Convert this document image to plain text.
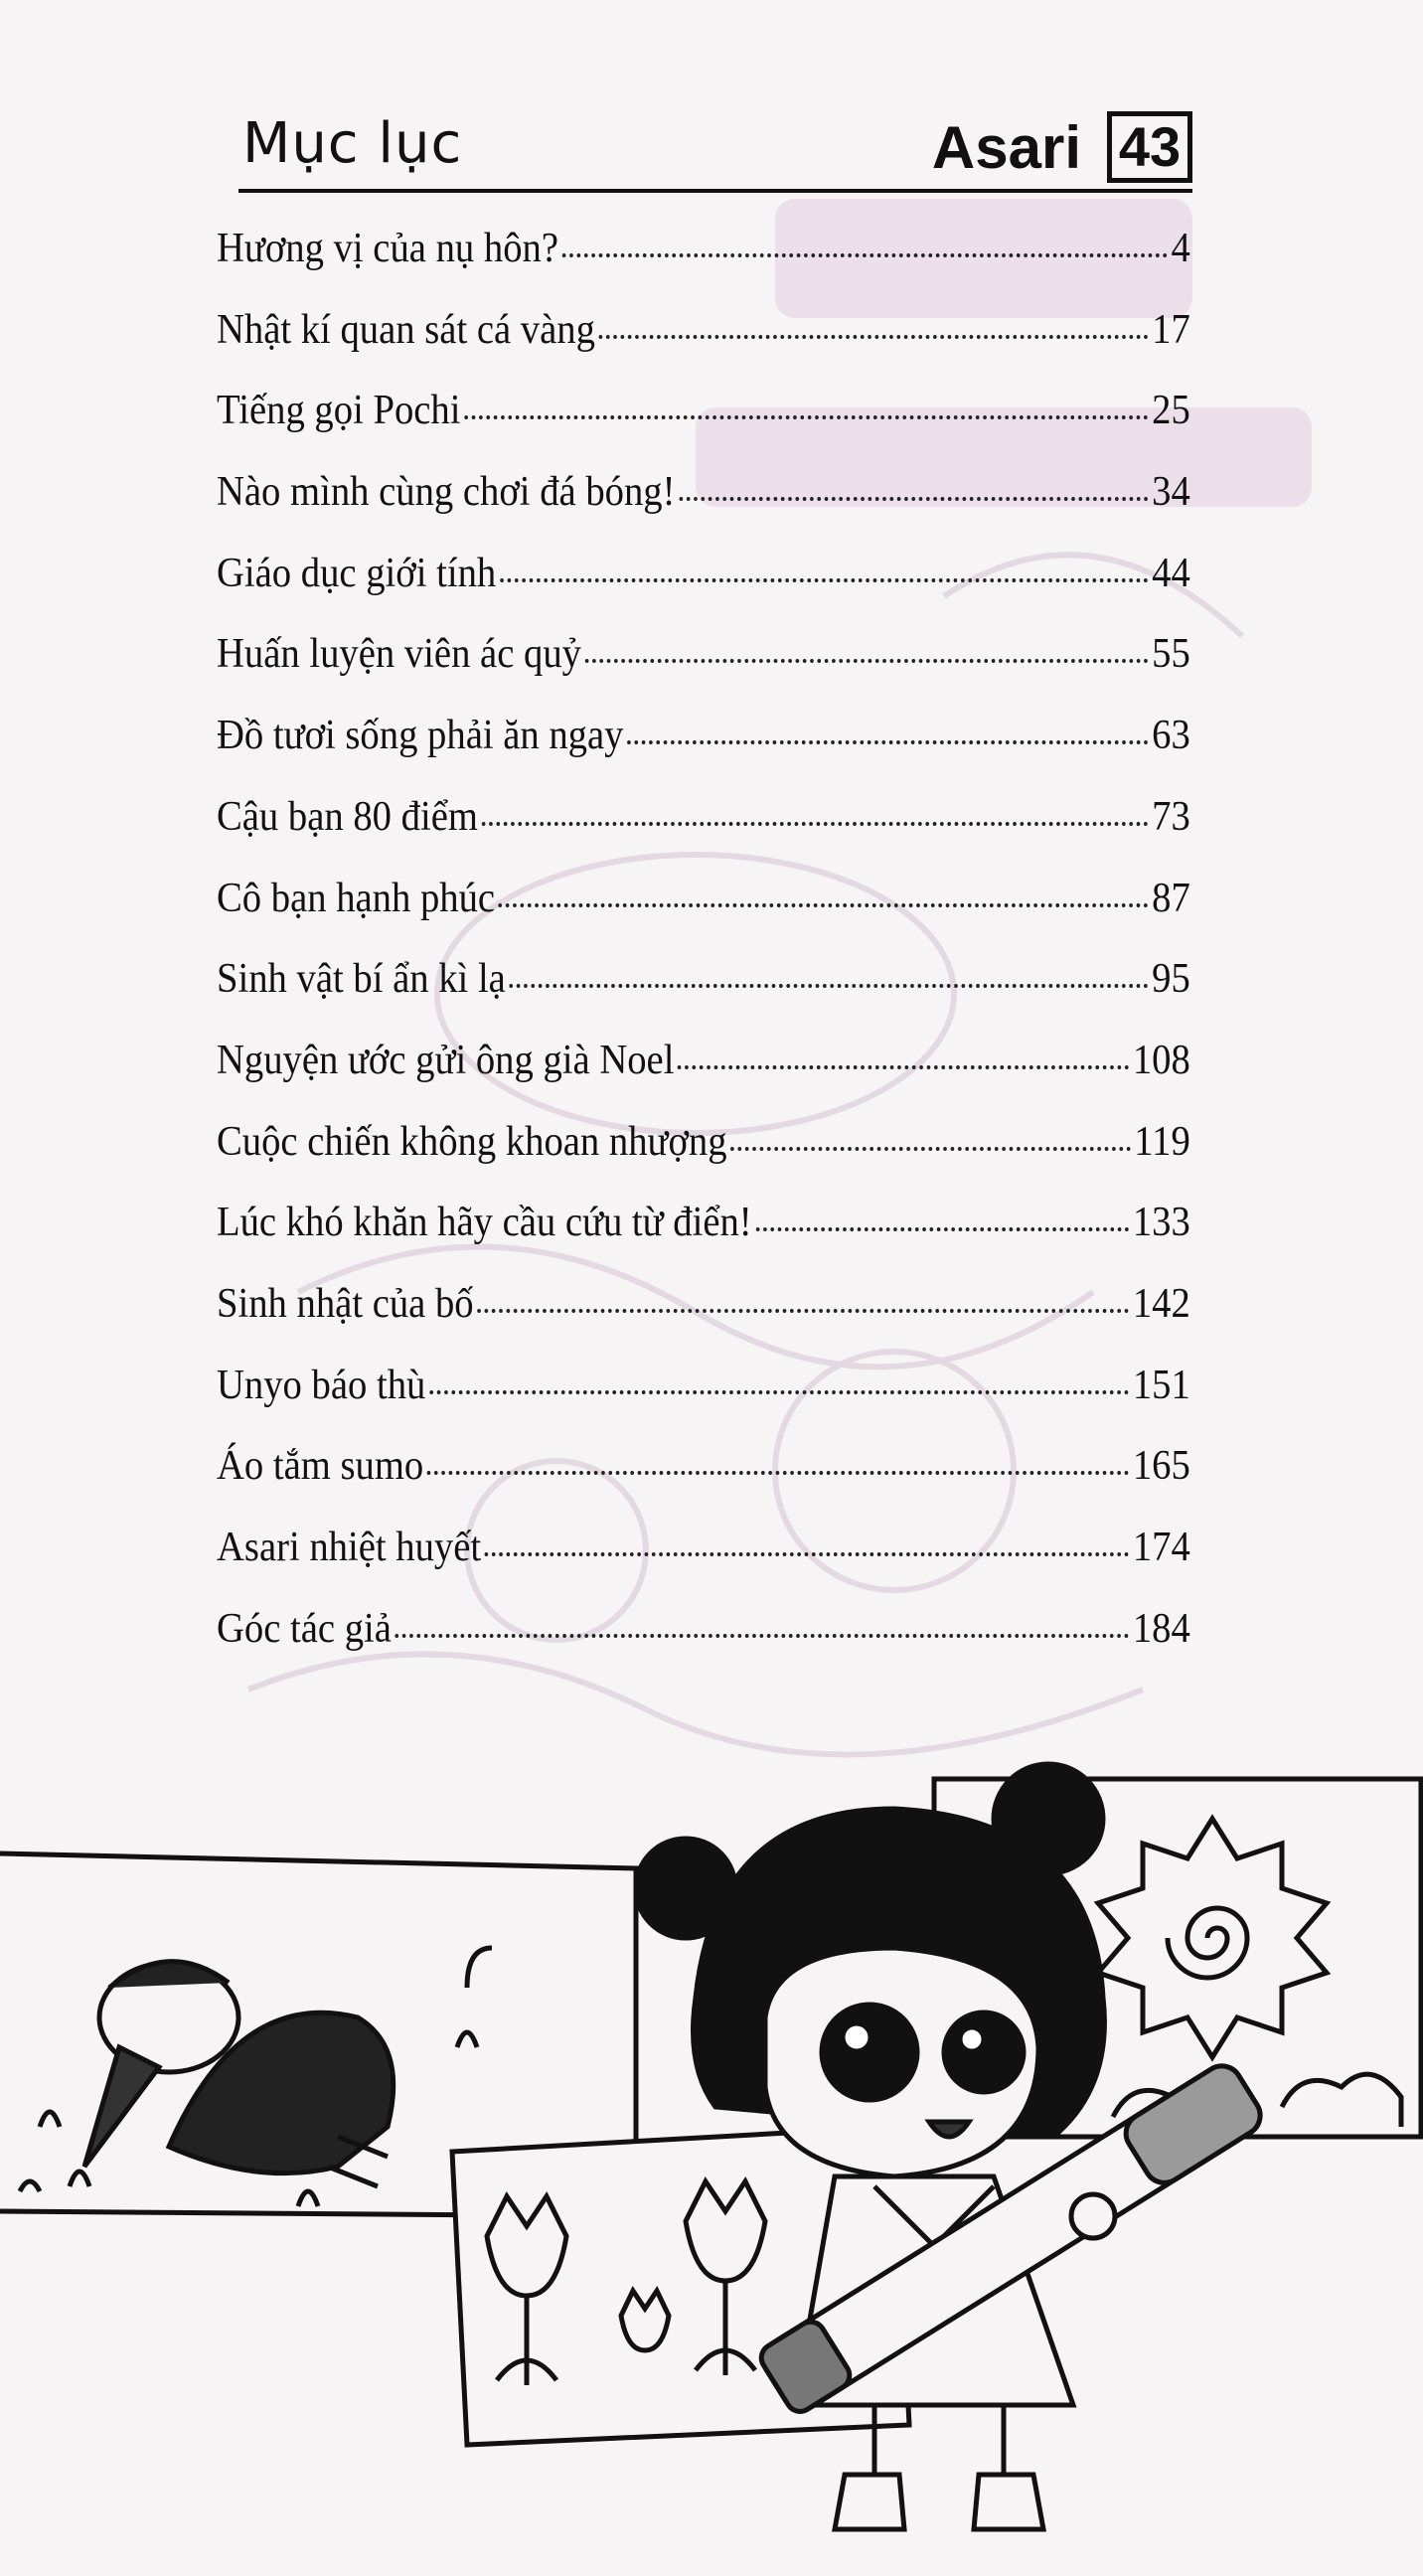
Mục lục	Asari 43
Hương vị của nụ hôn?	4
Nhật kí quan sát cá vàng	17
Tiếng gọi Pochi	25
Nào mình cùng chơi đá bóng!	34
Giáo dục giới tính	44
Huấn luyện viên ác quỷ	55
Đồ tươi sống phải ăn ngay	63
Cậu bạn 80 điểm	73
Cô bạn hạnh phúc	87
Sinh vật bí ẩn kì lạ	95
Nguyện ước gửi ông già Noel	108
Cuộc chiến không khoan nhượng	119
Lúc khó khăn hãy cầu cứu từ điển!	133
Sinh nhật của bố	142
Unyo báo thù	151
Áo tắm sumo	165
Asari nhiệt huyết	174
Góc tác giả	184
